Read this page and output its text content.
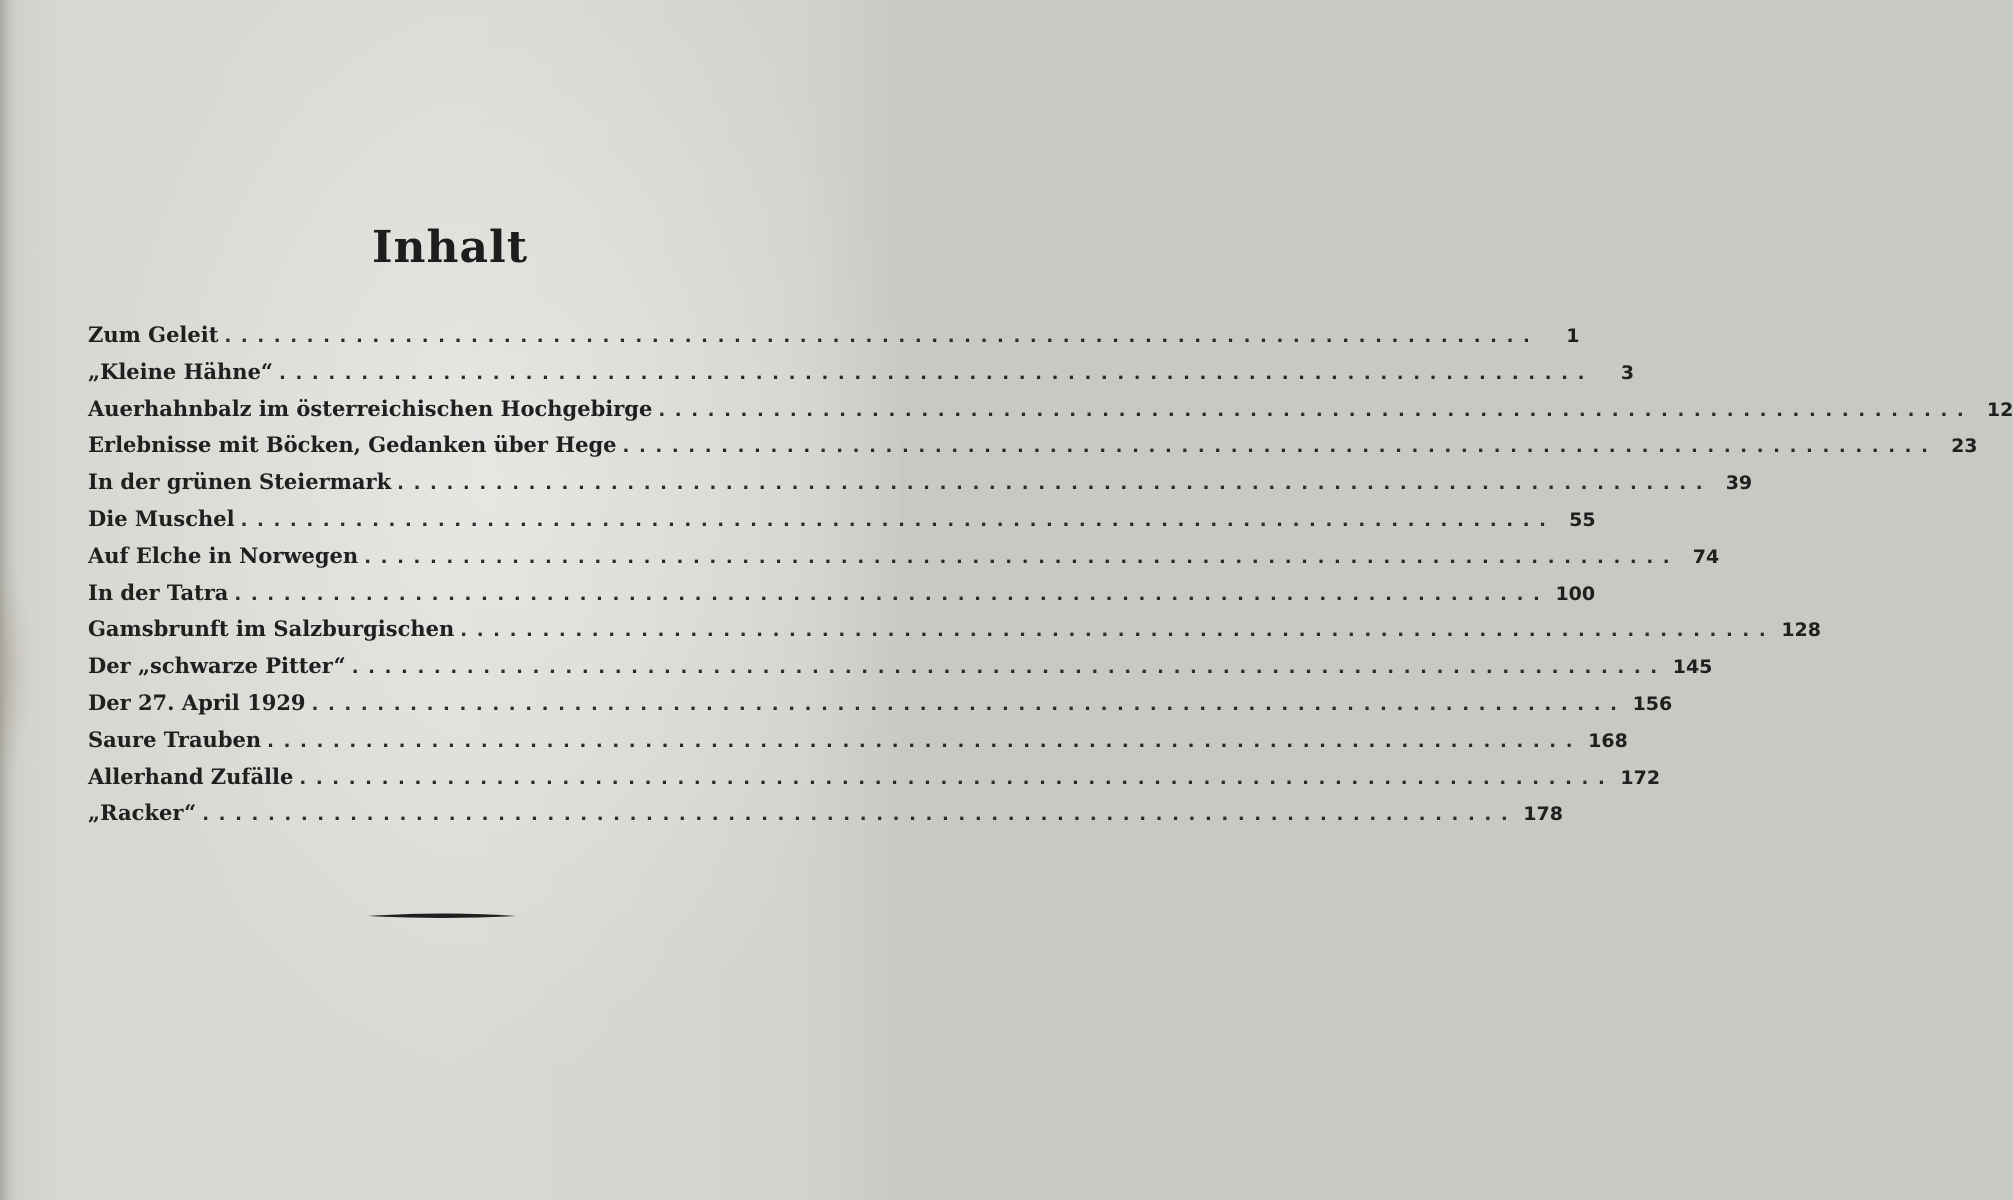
Inhalt
Zum Geleit ................................................................................	1
„Kleine Hähne“ ................................................................................	3
Auerhahnbalz im österreichischen Hochgebirge ................................................................................ 12
Erlebnisse mit Böcken, Gedanken über Hege ................................................................................ 23
In der grünen Steiermark ................................................................................ 39
Die Muschel ................................................................................ 55
Auf Elche in Norwegen ................................................................................ 74
In der Tatra ................................................................................ 100
Gamsbrunft im Salzburgischen ................................................................................ 128
Der „schwarze Pitter“ ................................................................................ 145
Der 27. April 1929 ................................................................................ 156
Saure Trauben ................................................................................ 168
Allerhand Zufälle ................................................................................ 172
„Racker“ ................................................................................ 178
